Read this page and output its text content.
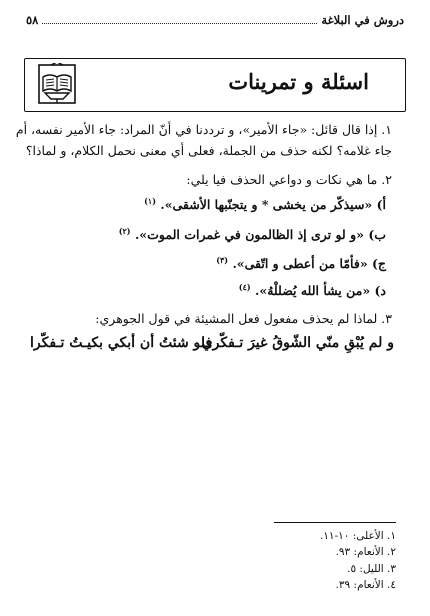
دروش في البلاغة
٥٨
اسئلة و تمرينات
١. إذا قال قائل: «جاء الأمير»، و ترددنا في أنّ المراد: جاء الأمير نفسه، أم
جاء غلامه؟ لكنه حذف من الجملة، فعلى أي معنى نحمل الكلام، و لماذا؟
٢. ما هي نكات و دواعي الحذف فيا يلي:
أ) «سيذكّر من يخشى * و يتجنّبها الأشقى». $^{(١)}$
ب) «و لو ترى إذ الظالمون في غمرات الموت». $^{(٢)}$
ج) «فأمّا من أعطى و اتّقى». $^{(٣)}$
د) «من يشأ الله يُضللْهُ». $^{(٤)}$
٣. لماذا لم يحذف مفعول فعل المشيئة في قول الجوهري:
و لم يُبْقِ منّي الشّوقُ غيرَ تـفكّري
فلو شئتُ أن أبكي بكيـتُ تـفكّرا
١. الأعلى: ١٠-١١.
٢. الأنعام: ٩٣.
٣. الليل: ٥.
٤. الأنعام: ٣٩.
